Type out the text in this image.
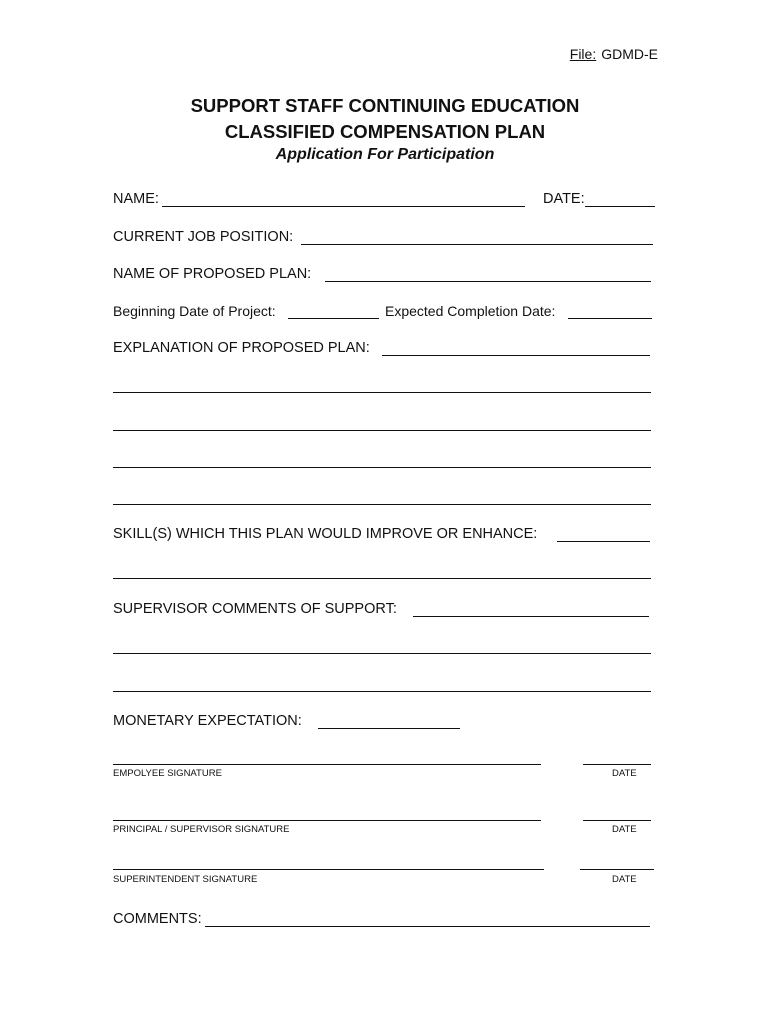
File: GDMD-E
SUPPORT STAFF CONTINUING EDUCATION
CLASSIFIED COMPENSATION PLAN
Application For Participation
NAME:	DATE:
CURRENT JOB POSITION:
NAME OF PROPOSED PLAN:
Beginning Date of Project:	Expected Completion Date:
EXPLANATION OF PROPOSED PLAN:
SKILL(S) WHICH THIS PLAN WOULD IMPROVE OR ENHANCE:
SUPERVISOR COMMENTS OF SUPPORT:
MONETARY EXPECTATION:
EMPOLYEE SIGNATURE	DATE
PRINCIPAL / SUPERVISOR SIGNATURE	DATE
SUPERINTENDENT SIGNATURE	DATE
COMMENTS:
